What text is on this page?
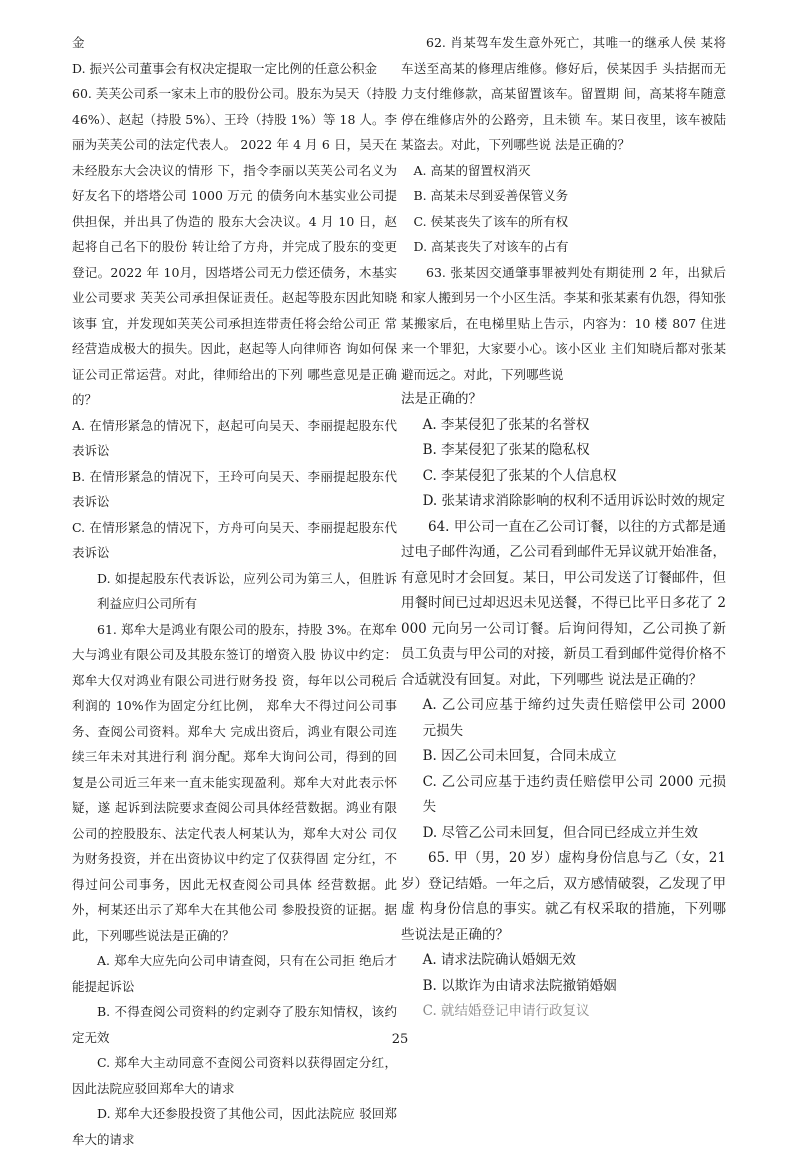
金

D. 振兴公司董事会有权决定提取一定比例的任意公积金

60. 芙芙公司系一家未上市的股份公司。股东为吴天（持股 46%）、赵起（持股 5%）、王玲（持股 1%）等 18 人。李丽为芙芙公司的法定代表人。 2022 年 4 月 6 日，吴天在未经股东大会决议的情形 下，指令李丽以芙芙公司名义为好友名下的塔塔公司 1000 万元 的债务向木基实业公司提供担保，并出具了伪造的 股东大会决议。4 月 10 日，赵起将自己名下的股份 转让给了方舟，并完成了股东的变更登记。2022 年 10月，因塔塔公司无力偿还债务，木基实业公司要求 芙芙公司承担保证责任。赵起等股东因此知晓该事 宜，并发现如芙芙公司承担连带责任将会给公司正 常经营造成极大的损失。因此，赵起等人向律师咨 询如何保证公司正常运营。对此，律师给出的下列 哪些意见是正确的？

A. 在情形紧急的情况下，赵起可向吴天、李丽提起股东代表诉讼

B. 在情形紧急的情况下，王玲可向吴天、李丽提起股东代表诉讼

C. 在情形紧急的情况下，方舟可向吴天、李丽提起股东代表诉讼

D. 如提起股东代表诉讼，应列公司为第三人，但胜诉利益应归公司所有

61. 郑牟大是鸿业有限公司的股东，持股 3%。在郑牟大与鸿业有限公司及其股东签订的增资入股 协议中约定：郑牟大仅对鸿业有限公司进行财务投 资，每年以公司税后利润的 10%作为固定分红比例， 郑牟大不得过问公司事务、查阅公司资料。郑牟大 完成出资后，鸿业有限公司连续三年未对其进行利 润分配。郑牟大询问公司，得到的回复是公司近三年来一直未能实现盈利。郑牟大对此表示怀疑，遂 起诉到法院要求查阅公司具体经营数据。鸿业有限 公司的控股股东、法定代表人柯某认为，郑牟大对公 司仅为财务投资，并在出资协议中约定了仅获得固 定分红，不得过问公司事务，因此无权查阅公司具体 经营数据。此外，柯某还出示了郑牟大在其他公司 参股投资的证据。据此，下列哪些说法是正确的？

A. 郑牟大应先向公司申请查阅，只有在公司拒 绝后才能提起诉讼

B. 不得查阅公司资料的约定剥夺了股东知情权，该约定无效

C. 郑牟大主动同意不查阅公司资料以获得固定分红，因此法院应驳回郑牟大的请求

D. 郑牟大还参股投资了其他公司，因此法院应 驳回郑牟大的请求

62. 肖某驾车发生意外死亡，其唯一的继承人侯 某将车送至高某的修理店维修。修好后，侯某因手 头拮据而无力支付维修款，高某留置该车。留置期 间，高某将车随意停在维修店外的公路旁，且未锁 车。某日夜里，该车被陆某盗去。对此，下列哪些说 法是正确的？

A. 高某的留置权消灭

B. 高某未尽到妥善保管义务

C. 侯某丧失了该车的所有权

D. 高某丧失了对该车的占有

63. 张某因交通肇事罪被判处有期徒刑 2 年，出狱后和家人搬到另一个小区生活。李某和张某素有仇怨，得知张某搬家后，在电梯里贴上告示，内容为：10 楼 807 住进来一个罪犯，大家要小心。该小区业 主们知晓后都对张某避而远之。对此，下列哪些说

法是正确的？

A. 李某侵犯了张某的名誉权

B. 李某侵犯了张某的隐私权

C. 李某侵犯了张某的个人信息权

D. 张某请求消除影响的权利不适用诉讼时效的规定

64. 甲公司一直在乙公司订餐，以往的方式都是通过电子邮件沟通，乙公司看到邮件无异议就开始准备，有意见时才会回复。某日，甲公司发送了订餐邮件，但用餐时间已过却迟迟未见送餐，不得已比平日多花了 2000 元向另一公司订餐。后询问得知，乙公司换了新员工负责与甲公司的对接，新员工看到邮件觉得价格不合适就没有回复。对此，下列哪些 说法是正确的？

A. 乙公司应基于缔约过失责任赔偿甲公司 2000 元损失

B. 因乙公司未回复，合同未成立

C. 乙公司应基于违约责任赔偿甲公司 2000 元损失

D. 尽管乙公司未回复，但合同已经成立并生效

65. 甲（男，20 岁）虚构身份信息与乙（女，21 岁）登记结婚。一年之后，双方感情破裂，乙发现了甲虚 构身份信息的事实。就乙有权采取的措施，下列哪 些说法是正确的？

A. 请求法院确认婚姻无效

B. 以欺诈为由请求法院撤销婚姻

C. 就结婚登记申请行政复议

25
